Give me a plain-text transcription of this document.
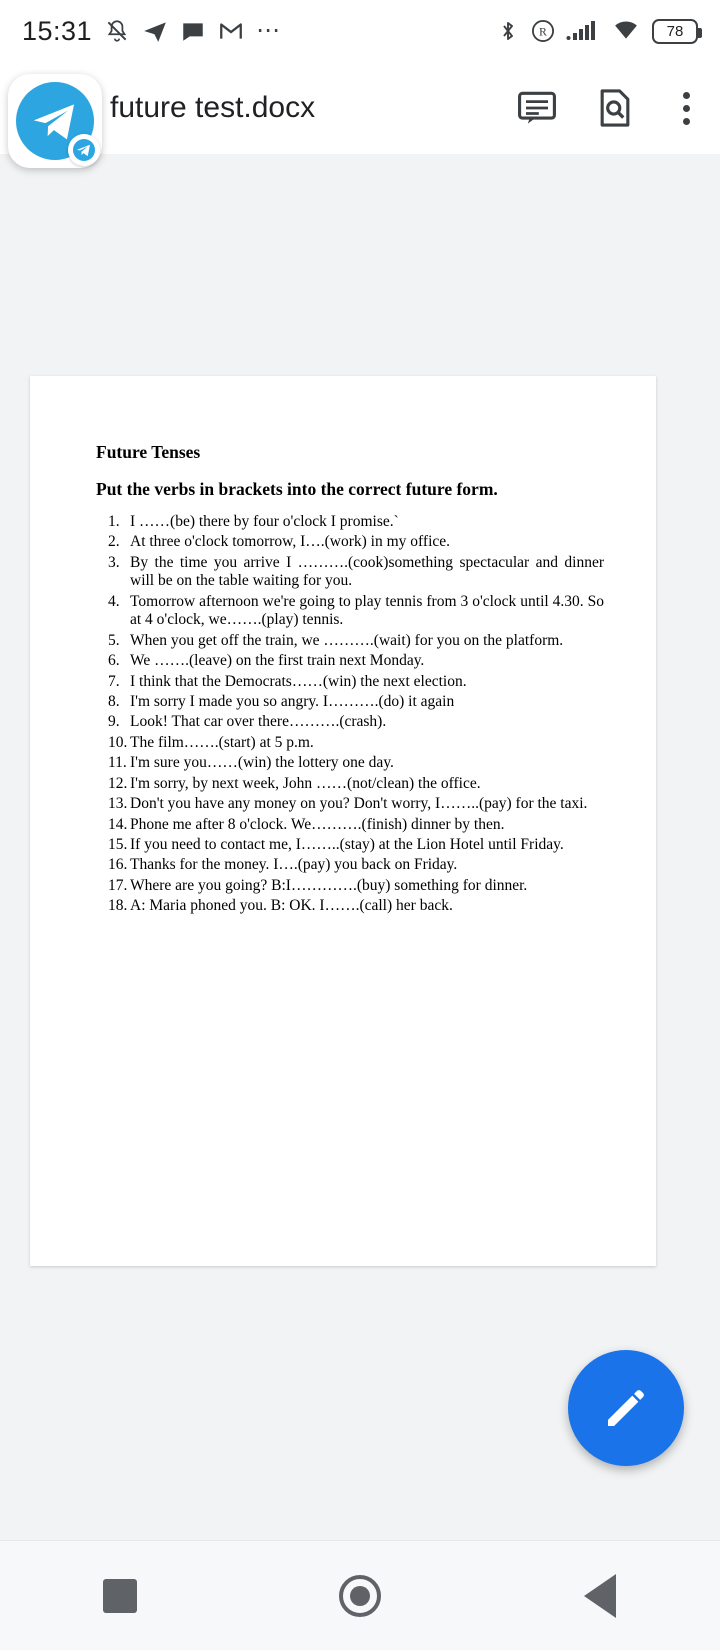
15:31	⋯	R	78
future test.docx
Future Tenses
Put the verbs in brackets into the correct future form.
1. I ……(be) there by four o'clock I promise.`
2. At three o'clock tomorrow, I….(work) in my office.
3. By the time you arrive I ……….(cook)something spectacular and dinner will be on the table waiting for you.
4. Tomorrow afternoon we're going to play tennis from 3 o'clock until 4.30. So at 4 o'clock, we…….(play) tennis.
5. When you get off the train, we ……….(wait) for you on the platform.
6. We …….(leave) on the first train next Monday.
7. I think that the Democrats……(win) the next election.
8. I'm sorry I made you so angry. I……….(do) it again
9. Look! That car over there……….(crash).
10. The film…….(start) at 5 p.m.
11. I'm sure you……(win) the lottery one day.
12. I'm sorry, by next week, John ……(not/clean) the office.
13. Don't you have any money on you? Don't worry, I……..(pay) for the taxi.
14. Phone me after 8 o'clock. We……….(finish) dinner by then.
15. If you need to contact me, I……..(stay) at the Lion Hotel until Friday.
16. Thanks for the money. I….(pay) you back on Friday.
17. Where are you going? B:I………….(buy) something for dinner.
18. A: Maria phoned you. B: OK. I…….(call) her back.
